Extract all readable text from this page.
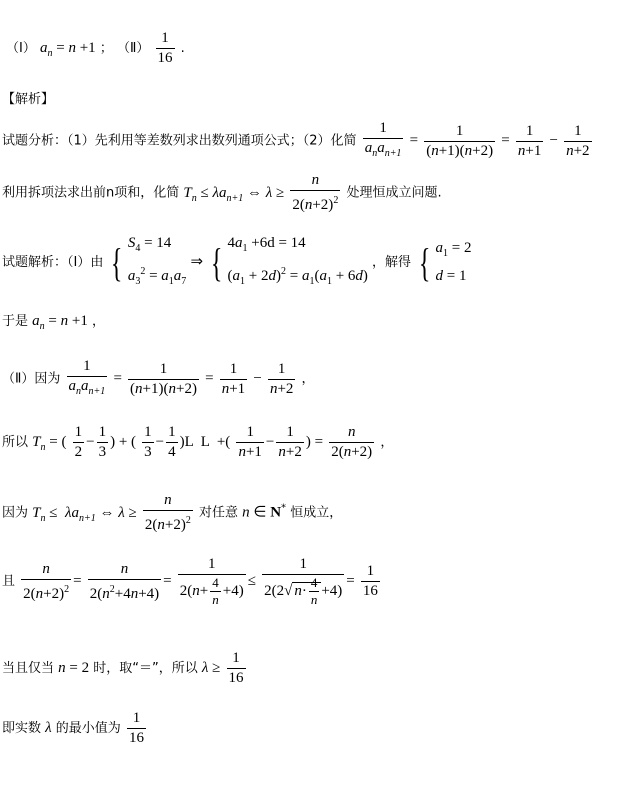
（Ⅰ） $a_n = n +1$ ； （Ⅱ） $\frac{1}{16}$ .
【解析】
试题分析：（1）先利用等差数列求出数列通项公式；（2）化简 $\frac{1}{a_na_{n+1}} = \frac{1}{(n+1)(n+2)} = \frac{1}{n+1} - \frac{1}{n+2}$
利用拆项法求出前n项和，化简 $T_n \le \lambda a_{n+1}$ ⇔ $\lambda \ge \frac{n}{2(n+2)^2}$ 处理恒成立问题.
试题解析：（Ⅰ）由 { $S_4 = 14$
$a_3^2 = a_1a_7$
⇒ { $4a_1 +6d = 14$
$(a_1 + 2d)^2 = a_1(a_1 + 6d)$
，解得 { $a_1 = 2$
d = 1
于是 $a_n = n +1$ ，
（Ⅱ）因为 $\frac{1}{a_na_{n+1}} = \frac{1}{(n+1)(n+2)} = \frac{1}{n+1} - \frac{1}{n+2}$ ，
所以 $T_n$ = ( $\frac{1}{2} - \frac{1}{3}$ ) + ( $\frac{1}{3} - \frac{1}{4} )L$  L  +( $\frac{1}{n+1} - \frac{1}{n+2}$ ) = $\frac{n}{2(n+2)}$ ，
因为 $T_n \le \lambda a_{n+1}$ ⇔ $\lambda \ge \frac{n}{2(n+2)^2}$ 对任意 n ∈ N* 恒成立，
且 $\frac{n}{2(n+2)^2} = \frac{n}{2(n^2+4n+4)} = \frac{1}{2(n+ \frac{4}{n} +4)} \le \frac{1}{2(2√ n\cdot \frac{4}{n} +4)} = \frac{1}{16}$
当且仅当 n = 2 时，取“＝”，所以 $\lambda \ge \frac{1}{16}$
即实数 λ 的最小值为 $\frac{1}{16}$
